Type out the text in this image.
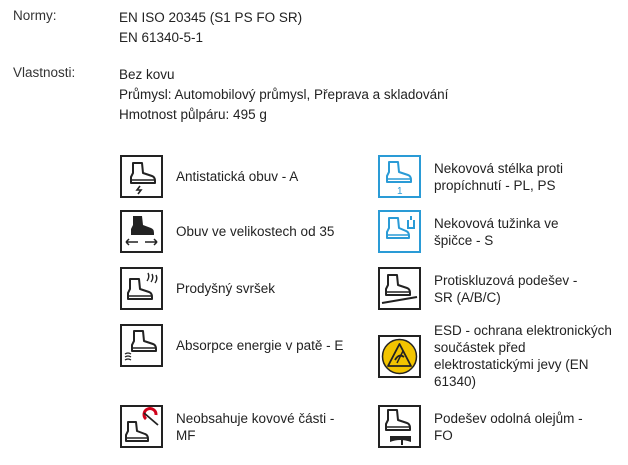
Normy:	EN ISO 20345 (S1 PS FO SR)
EN 61340-5-1
Vlastnosti:	Bez kovu
Průmysl: Automobilový průmysl, Přeprava a skladování
Hmotnost půlpáru: 495 g
Antistatická obuv - A
1
Nekovová stélka proti propíchnutí - PL, PS
Obuv ve velikostech od 35
Nekovová tužinka ve špičce - S
Prodyšný svršek
Protiskluzová podešev - SR (A/B/C)
Absorpce energie v patě - E
ESD - ochrana elektronických součástek před elektrostatickými jevy (EN 61340)
Neobsahuje kovové části - MF
Podešev odolná olejům - FO
